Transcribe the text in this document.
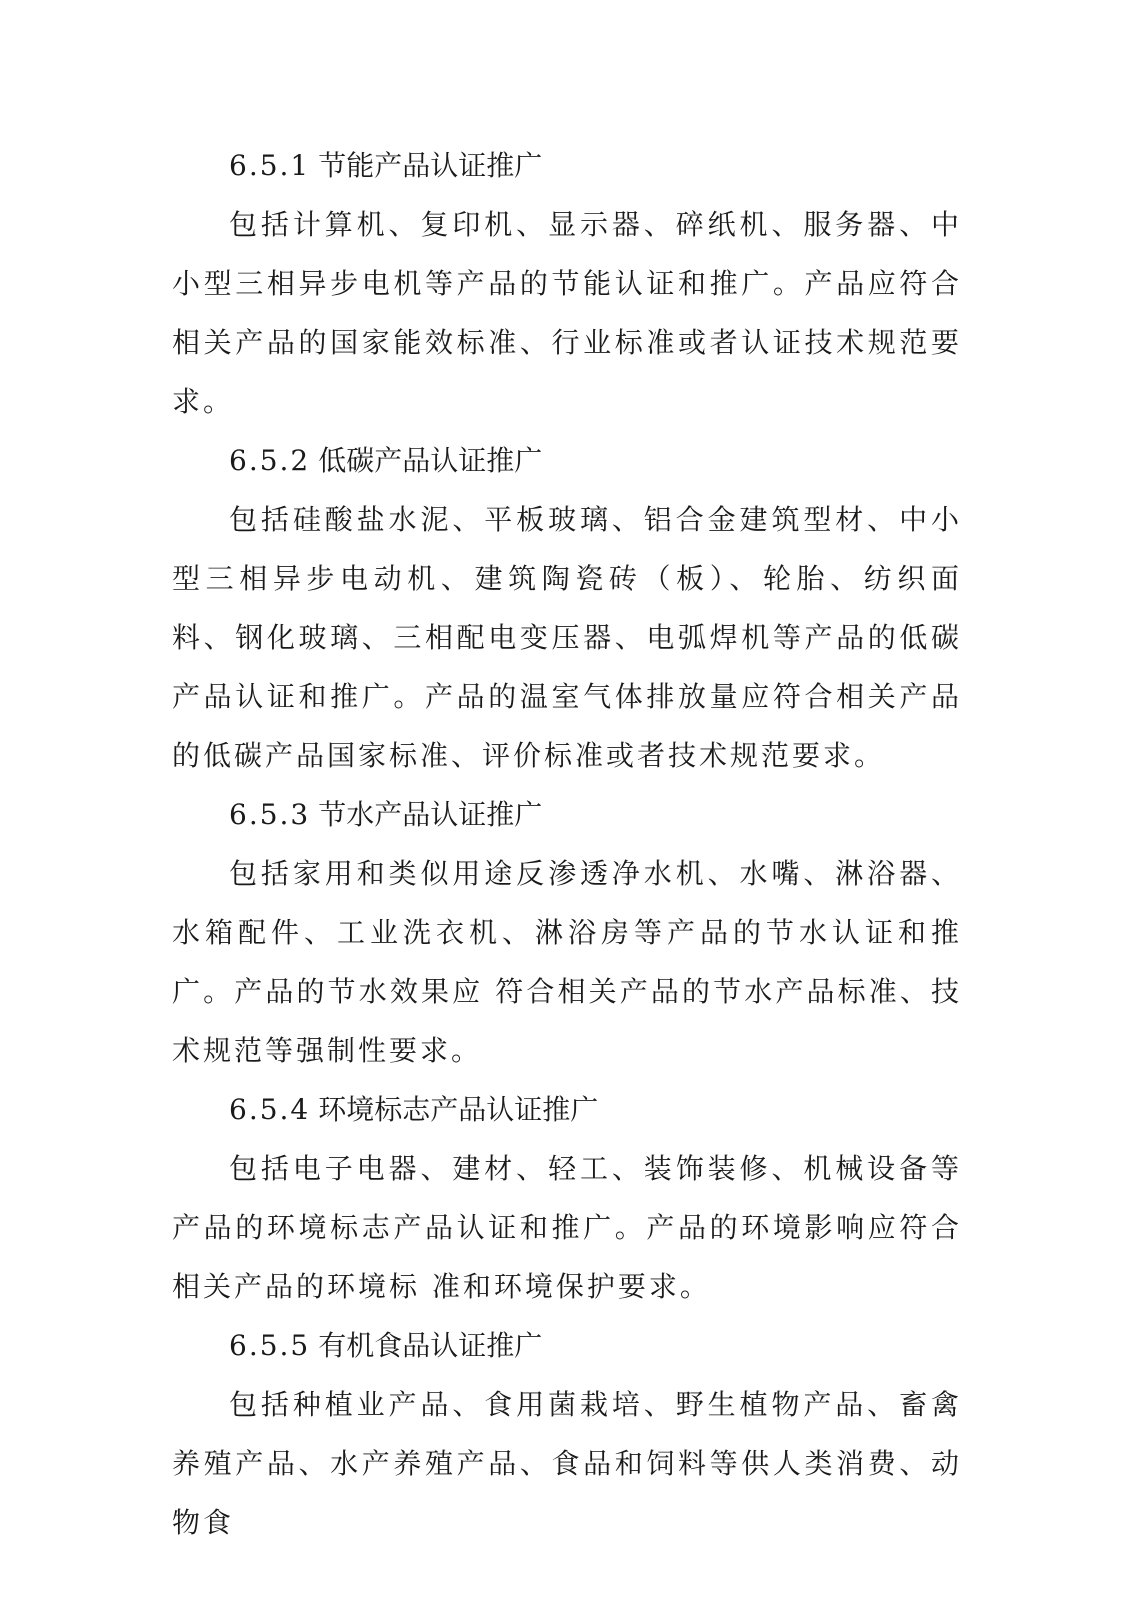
6.5.1 节能产品认证推广

包括计算机、复印机、显示器、碎纸机、服务器、中小型三相异步电机等产品的节能认证和推广。产品应符合相关产品的国家能效标准、行业标准或者认证技术规范要求。

6.5.2 低碳产品认证推广

包括硅酸盐水泥、平板玻璃、铝合金建筑型材、中小型三相异步电动机、建筑陶瓷砖（板）、轮胎、纺织面料、钢化玻璃、三相配电变压器、电弧焊机等产品的低碳产品认证和推广。产品的温室气体排放量应符合相关产品的低碳产品国家标准、评价标准或者技术规范要求。

6.5.3 节水产品认证推广

包括家用和类似用途反渗透净水机、水嘴、淋浴器、水箱配件、工业洗衣机、淋浴房等产品的节水认证和推广。产品的节水效果应 符合相关产品的节水产品标准、技术规范等强制性要求。

6.5.4 环境标志产品认证推广

包括电子电器、建材、轻工、装饰装修、机械设备等产品的环境标志产品认证和推广。产品的环境影响应符合相关产品的环境标 准和环境保护要求。

6.5.5 有机食品认证推广

包括种植业产品、食用菌栽培、野生植物产品、畜禽养殖产品、水产养殖产品、食品和饲料等供人类消费、动物食
